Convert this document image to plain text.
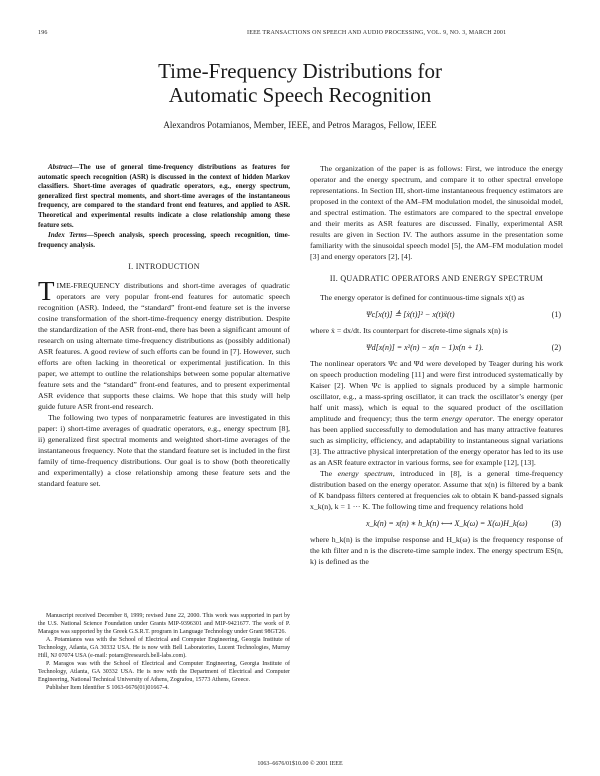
196	IEEE TRANSACTIONS ON SPEECH AND AUDIO PROCESSING, VOL. 9, NO. 3, MARCH 2001
Time-Frequency Distributions for
Automatic Speech Recognition
Alexandros Potamianos, Member, IEEE, and Petros Maragos, Fellow, IEEE

Abstract—The use of general time-frequency distributions as features for automatic speech recognition (ASR) is discussed in the context of hidden Markov classifiers. Short-time averages of quadratic operators, e.g., energy spectrum, generalized first spectral moments, and short-time averages of the instantaneous frequency, are compared to the standard front end features, and applied to ASR. Theoretical and experimental results indicate a close relationship among these feature sets.

Index Terms—Speech analysis, speech processing, speech recognition, time-frequency analysis.

I. INTRODUCTION

TIME-FREQUENCY distributions and short-time averages of quadratic operators are very popular front-end features for automatic speech recognition (ASR). Indeed, the “standard” front-end feature set is the inverse cosine transformation of the short-time-frequency energy distribution. Despite the standardization of the ASR front-end, there has been a significant amount of research on using alternate time-frequency distributions as (possibly additional) ASR features. A good review of such efforts can be found in [7]. However, such efforts are often lacking in theoretical or experimental justification. In this paper, we attempt to outline the relationships between some popular alternative feature sets and the “standard” front-end features, and to present experimental ASR evidence that supports these claims. We hope that this study will help guide future ASR front-end research.

The following two types of nonparametric features are investigated in this paper: i) short-time averages of quadratic operators, e.g., energy spectrum [8], ii) generalized first spectral moments and weighted short-time averages of the instantaneous frequency. Note that the standard feature set is included in the first family of time-frequency distributions. Our goal is to show (both theoretically and experimentally) a close relationship among these feature sets and the standard feature set.

Manuscript received December 8, 1999; revised June 22, 2000. This work was supported in part by the U.S. National Science Foundation under Grants MIP-9396301 and MIP-9421677. The work of P. Maragos was supported by the Greek G.S.R.T. program in Language Technology under Grant 98GT26.

A. Potamianos was with the School of Electrical and Computer Engineering, Georgia Institute of Technology, Atlanta, GA 30332 USA. He is now with Bell Laboratories, Lucent Technologies, Murray Hill, NJ 07074 USA (e-mail: potam@research.bell-labs.com).

P. Maragos was with the School of Electrical and Computer Engineering, Georgia Institute of Technology, Atlanta, GA 30332 USA. He is now with the Department of Electrical and Computer Engineering, National Technical University of Athens, Zografou, 15773 Athens, Greece.

Publisher Item Identifier S 1063-6676(01)01667-4.

The organization of the paper is as follows: First, we introduce the energy operator and the energy spectrum, and compare it to other spectral envelope representations. In Section III, short-time instantaneous frequency estimators are proposed in the context of the AM–FM modulation model, the sinusoidal model, and spectral estimation. The estimators are compared to the spectral envelope and their merits as ASR features are discussed. Finally, experimental ASR results are given in Section IV. The authors assume in the presentation some familiarity with the sinusoidal speech model [5], the AM–FM modulation model [3] and energy operators [2], [4].

II. QUADRATIC OPERATORS AND ENERGY SPECTRUM

The energy operator is defined for continuous-time signals x(t) as

Ψc[x(t)] ≜ [ẋ(t)]² − x(t)ẍ(t)	(1)

where ẋ = dx/dt. Its counterpart for discrete-time signals x(n) is

Ψd[x(n)] = x²(n) − x(n − 1)x(n + 1).	(2)

The nonlinear operators Ψc and Ψd were developed by Teager during his work on speech production modeling [11] and were first introduced systematically by Kaiser [2]. When Ψc is applied to signals produced by a simple harmonic oscillator, e.g., a mass-spring oscillator, it can track the oscillator’s energy (per half unit mass), which is equal to the squared product of the oscillation amplitude and frequency; thus the term energy operator. The energy operator has been applied successfully to demodulation and has many attractive features such as simplicity, efficiency, and adaptability to instantaneous signal variations [3]. The attractive physical interpretation of the energy operator has led to its use as an ASR feature extractor in various forms, see for example [12], [13].

The energy spectrum, introduced in [8], is a general time-frequency distribution based on the energy operator. Assume that x(n) is filtered by a bank of K bandpass filters centered at frequencies ωk to obtain K band-passed signals x_k(n), k = 1 ··· K. The following time and frequency relations hold

x_k(n) = x(n) ∗ h_k(n) ⟷ X_k(ω) = X(ω)H_k(ω)	(3)

where h_k(n) is the impulse response and H_k(ω) is the frequency response of the kth filter and n is the discrete-time sample index. The energy spectrum ES(n, k) is defined as the

1063–6676/01$10.00 © 2001 IEEE
